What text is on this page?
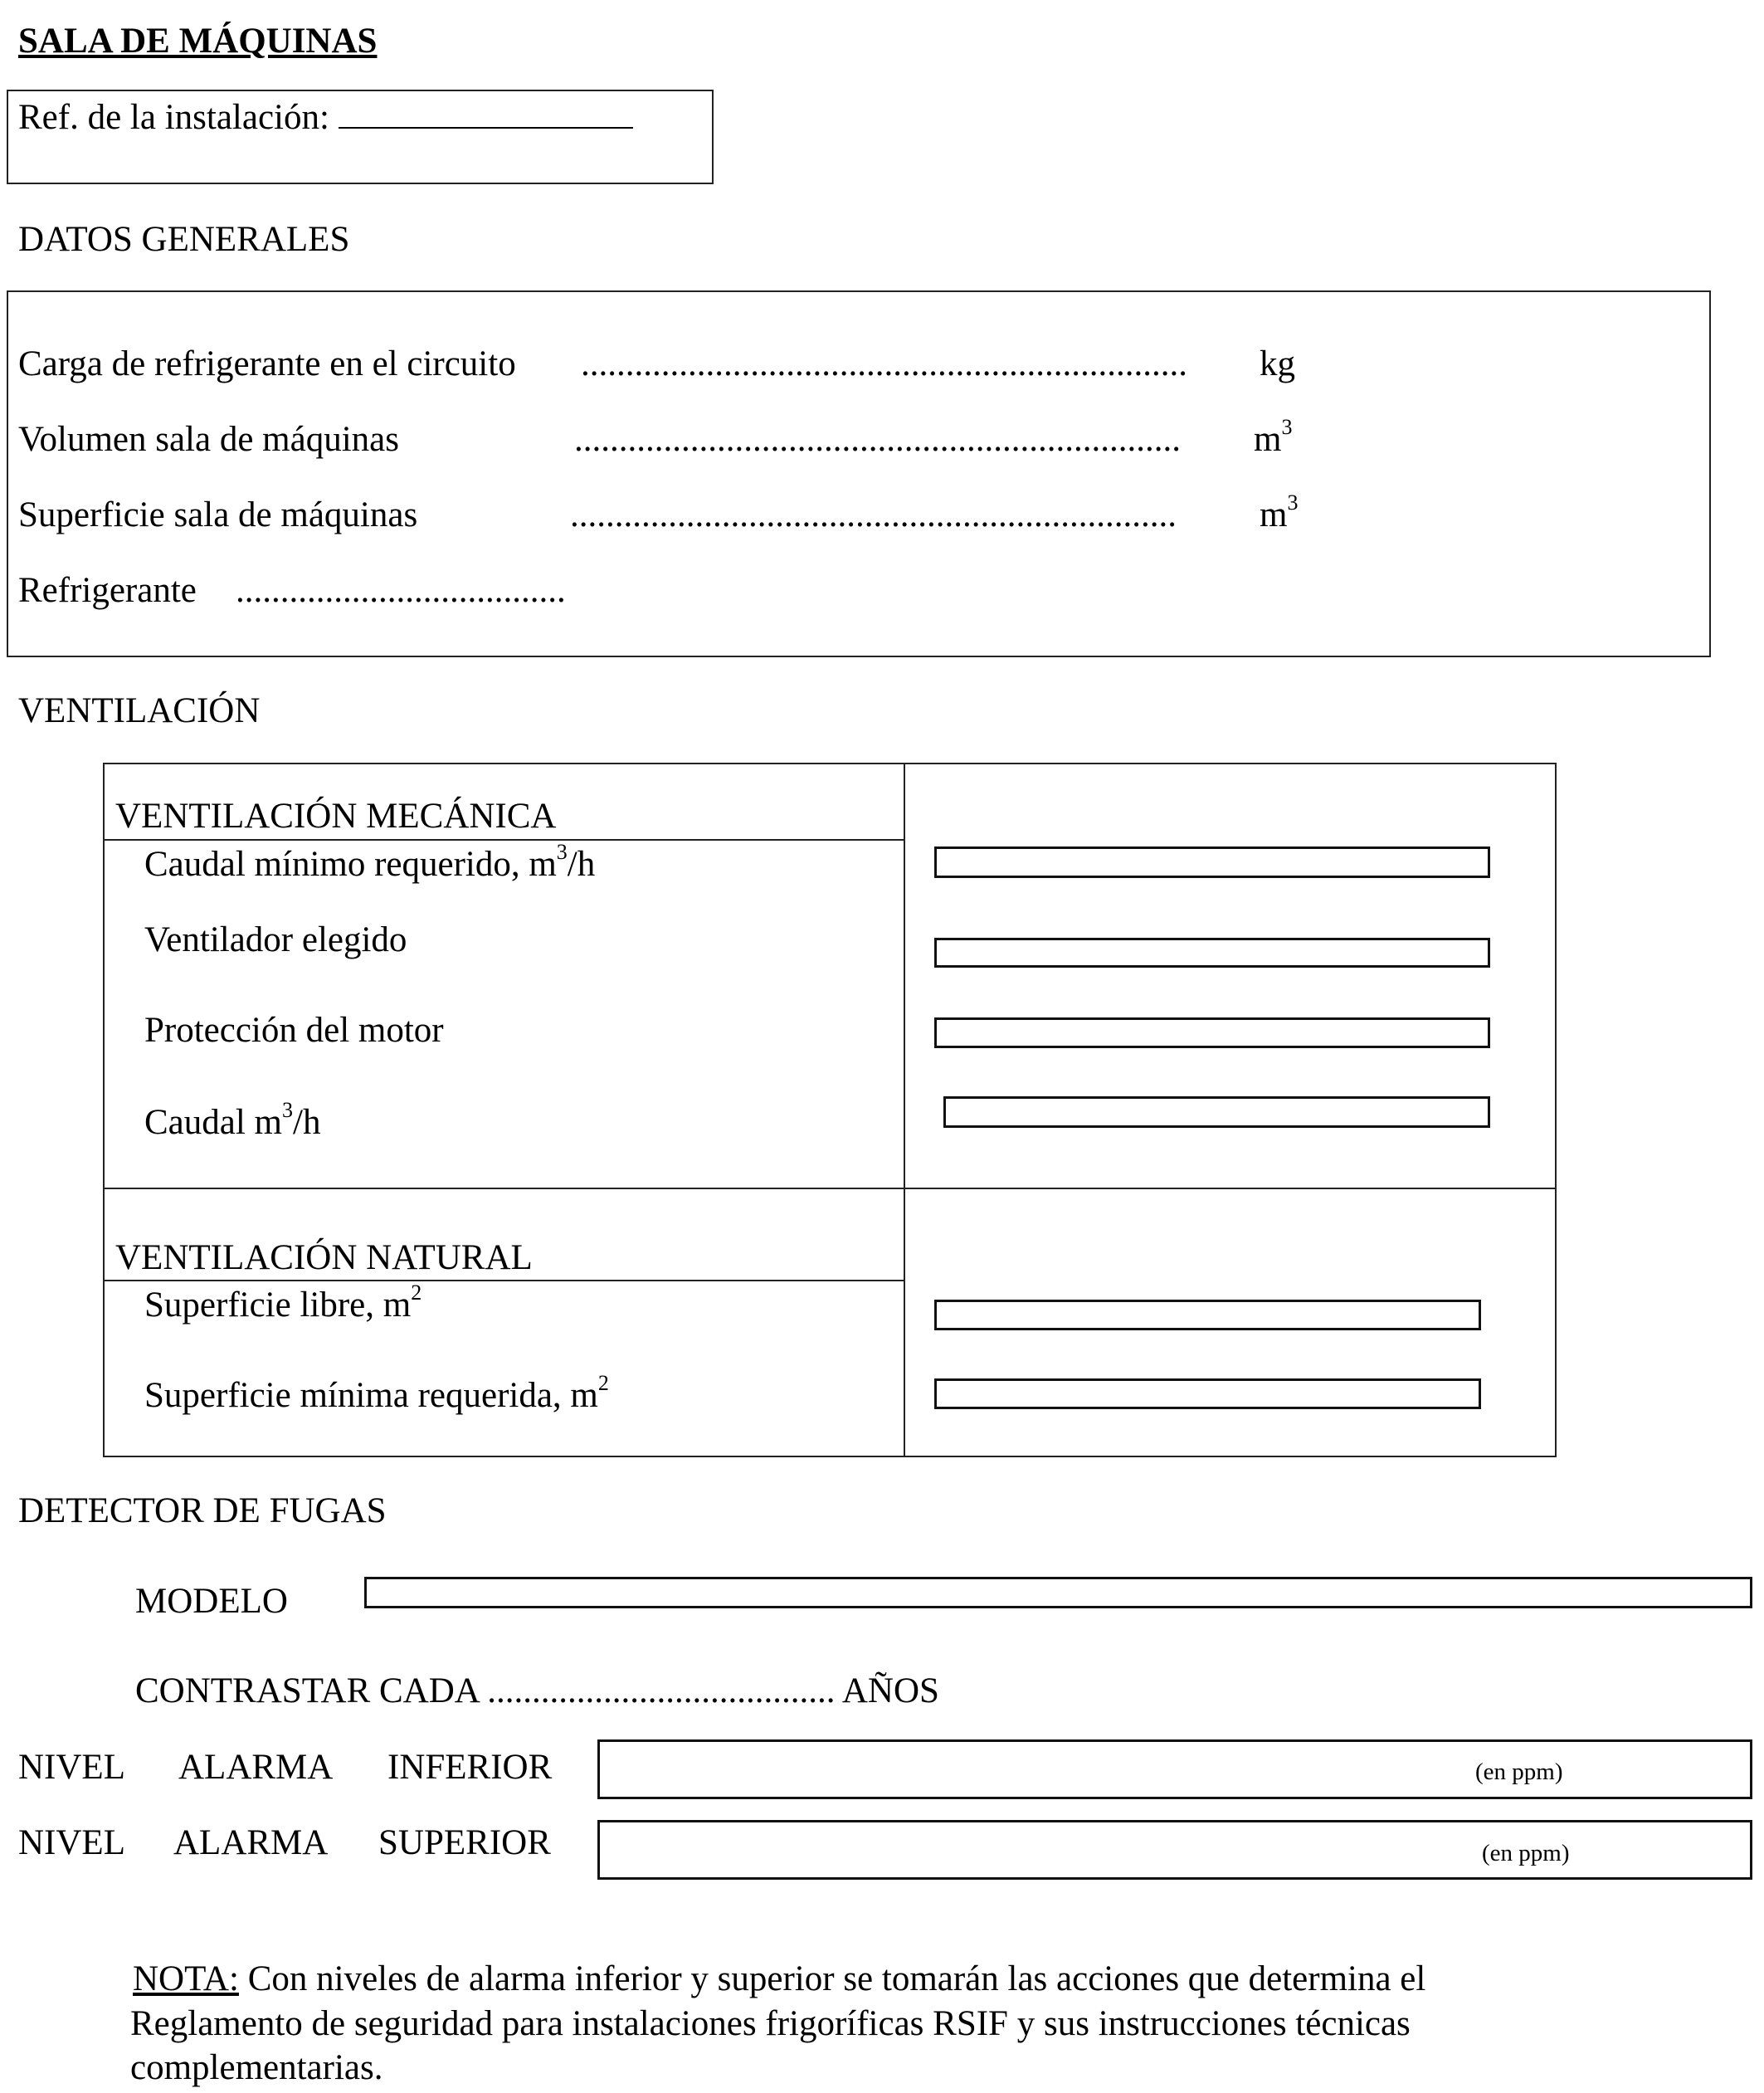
SALA DE MÁQUINAS
Ref. de la instalación:
DATOS GENERALES
Carga de refrigerante en el circuito .................................................................... kg
Volumen sala de máquinas	.................................................................... $m^3$
Superficie sala de máquinas	.................................................................... $m^3$
Refrigerante .....................................
VENTILACIÓN
VENTILACIÓN MECÁNICA
Caudal mínimo requerido, $m^3/h$
Ventilador elegido
Protección del motor
Caudal $m^3/h$
VENTILACIÓN NATURAL
Superficie libre, $m^2$
Superficie mínima requerida, $m^2$
DETECTOR DE FUGAS
MODELO
CONTRASTAR CADA ....................................... AÑOS
NIVEL ALARMA INFERIOR	(en ppm)
NIVEL ALARMA SUPERIOR	(en ppm)
NOTA: Con niveles de alarma inferior y superior se tomarán las acciones que determina el
Reglamento de seguridad para instalaciones frigoríficas RSIF y sus instrucciones técnicas
complementarias.
